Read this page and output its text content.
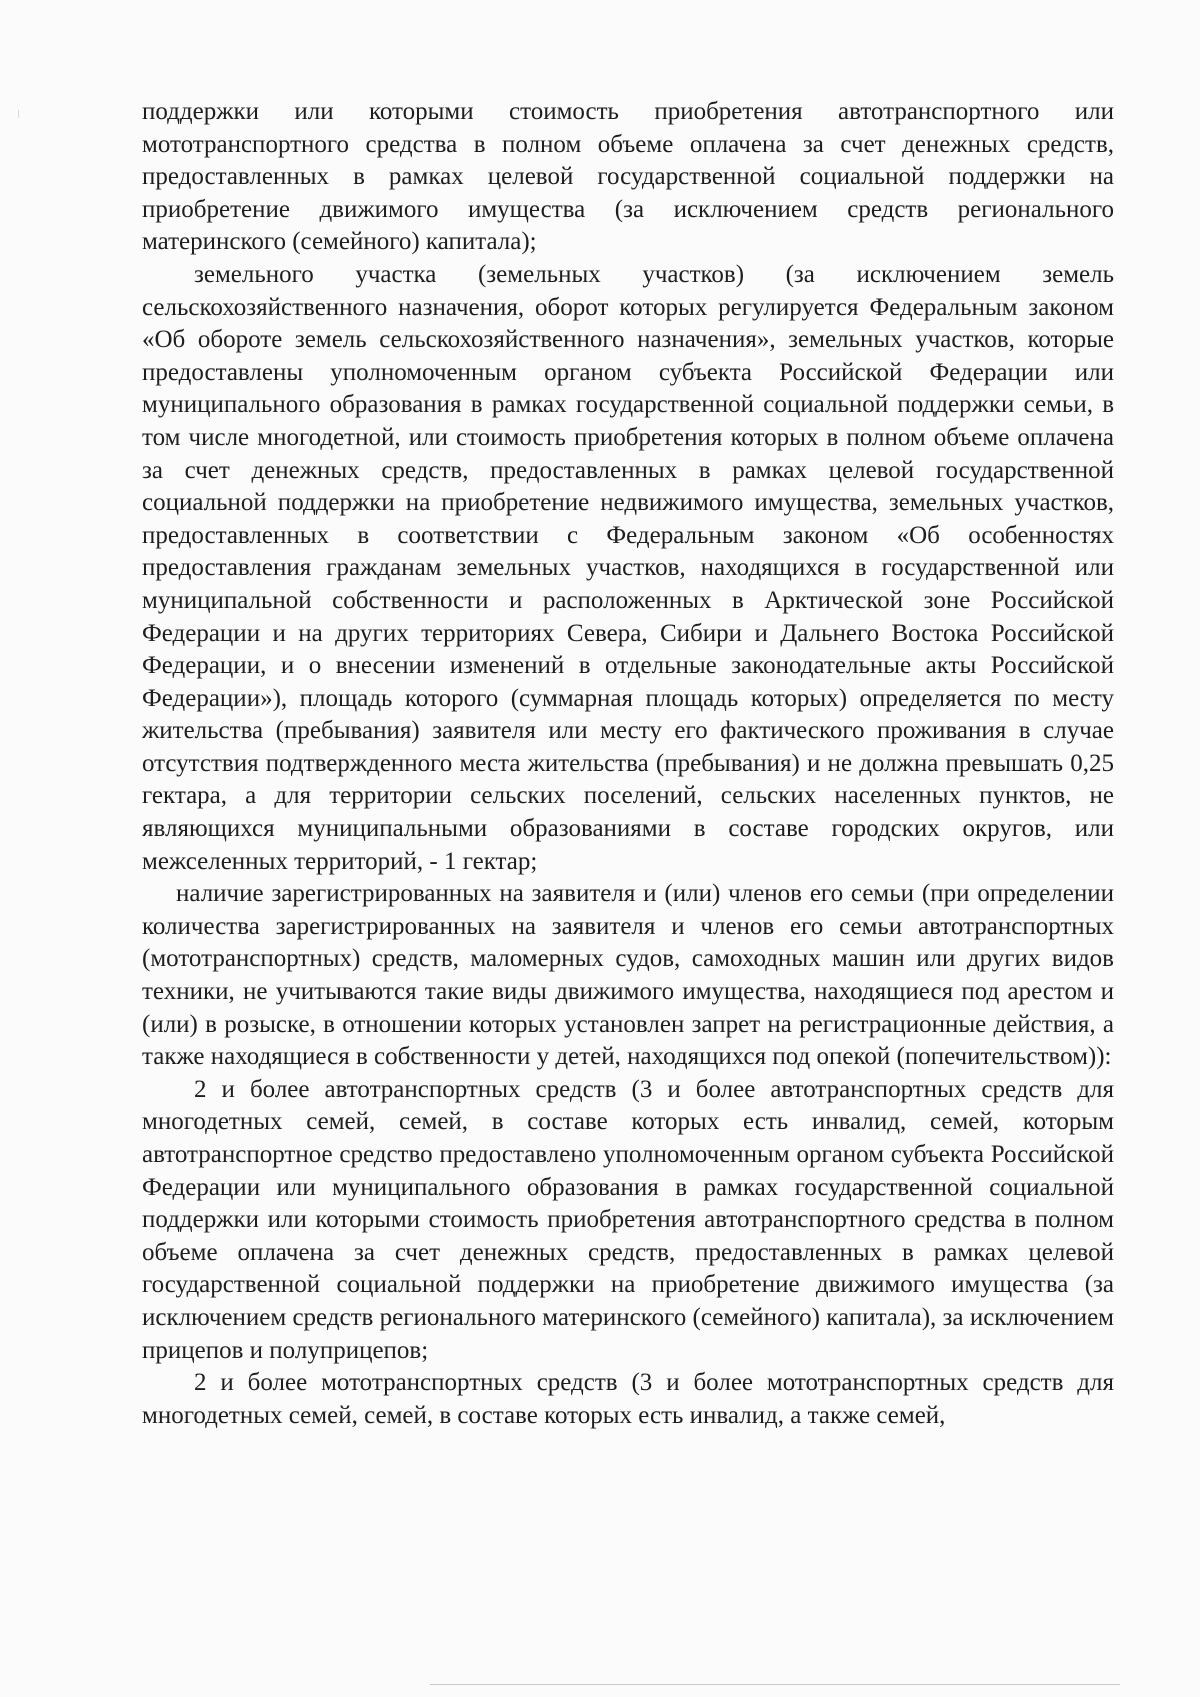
поддержки или которыми стоимость приобретения автотранспортного или мототранспортного средства в полном объеме оплачена за счет денежных средств, предоставленных в рамках целевой государственной социальной поддержки на приобретение движимого имущества (за исключением средств регионального материнского (семейного) капитала);

земельного участка (земельных участков) (за исключением земель сельскохозяйственного назначения, оборот которых регулируется Федеральным законом «Об обороте земель сельскохозяйственного назначения», земельных участков, которые предоставлены уполномоченным органом субъекта Российской Федерации или муниципального образования в рамках государственной социальной поддержки семьи, в том числе многодетной, или стоимость приобретения которых в полном объеме оплачена за счет денежных средств, предоставленных в рамках целевой государственной социальной поддержки на приобретение недвижимого имущества, земельных участков, предоставленных в соответствии с Федеральным законом «Об особенностях предоставления гражданам земельных участков, находящихся в государственной или муниципальной собственности и расположенных в Арктической зоне Российской Федерации и на других территориях Севера, Сибири и Дальнего Востока Российской Федерации, и о внесении изменений в отдельные законодательные акты Российской Федерации»), площадь которого (суммарная площадь которых) определяется по месту жительства (пребывания) заявителя или месту его фактического проживания в случае отсутствия подтвержденного места жительства (пребывания) и не должна превышать 0,25 гектара, а для территории сельских поселений, сельских населенных пунктов, не являющихся муниципальными образованиями в составе городских округов, или межселенных территорий, - 1 гектар;

наличие зарегистрированных на заявителя и (или) членов его семьи (при определении количества зарегистрированных на заявителя и членов его семьи автотранспортных (мототранспортных) средств, маломерных судов, самоходных машин или других видов техники, не учитываются такие виды движимого имущества, находящиеся под арестом и (или) в розыске, в отношении которых установлен запрет на регистрационные действия, а также находящиеся в собственности у детей, находящихся под опекой (попечительством)):

2 и более автотранспортных средств (3 и более автотранспортных средств для многодетных семей, семей, в составе которых есть инвалид, семей, которым автотранспортное средство предоставлено уполномоченным органом субъекта Российской Федерации или муниципального образования в рамках государственной социальной поддержки или которыми стоимость приобретения автотранспортного средства в полном объеме оплачена за счет денежных средств, предоставленных в рамках целевой государственной социальной поддержки на приобретение движимого имущества (за исключением средств регионального материнского (семейного) капитала), за исключением прицепов и полуприцепов;

2 и более мототранспортных средств (3 и более мототранспортных средств для многодетных семей, семей, в составе которых есть инвалид, а также семей,
